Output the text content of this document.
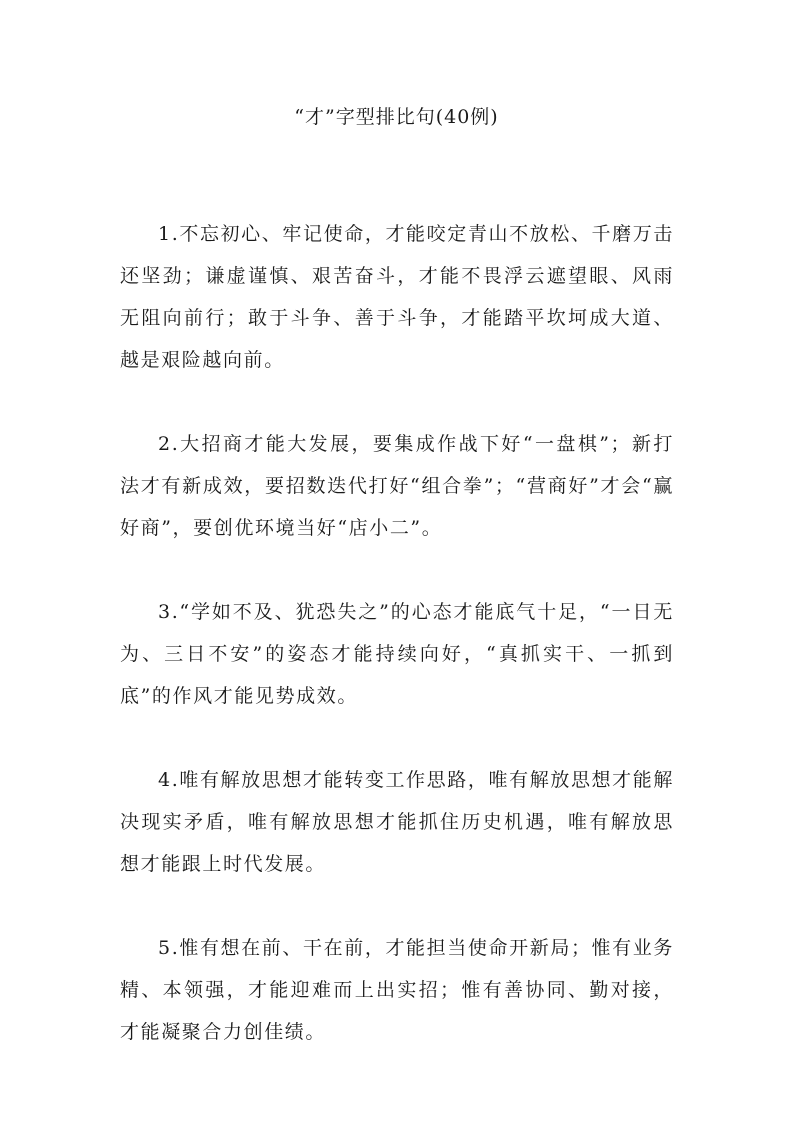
“才”字型排比句(40例)

1.不忘初心、牢记使命，才能咬定青山不放松、千磨万击还坚劲；谦虚谨慎、艰苦奋斗，才能不畏浮云遮望眼、风雨无阻向前行；敢于斗争、善于斗争，才能踏平坎坷成大道、越是艰险越向前。

2.大招商才能大发展，要集成作战下好“一盘棋”；新打法才有新成效，要招数迭代打好“组合拳”；“营商好”才会“赢好商”，要创优环境当好“店小二”。

3.“学如不及、犹恐失之”的心态才能底气十足，“一日无为、三日不安”的姿态才能持续向好，“真抓实干、一抓到底”的作风才能见势成效。

4.唯有解放思想才能转变工作思路，唯有解放思想才能解决现实矛盾，唯有解放思想才能抓住历史机遇，唯有解放思想才能跟上时代发展。

5.惟有想在前、干在前，才能担当使命开新局；惟有业务精、本领强，才能迎难而上出实招；惟有善协同、勤对接，才能凝聚合力创佳绩。
